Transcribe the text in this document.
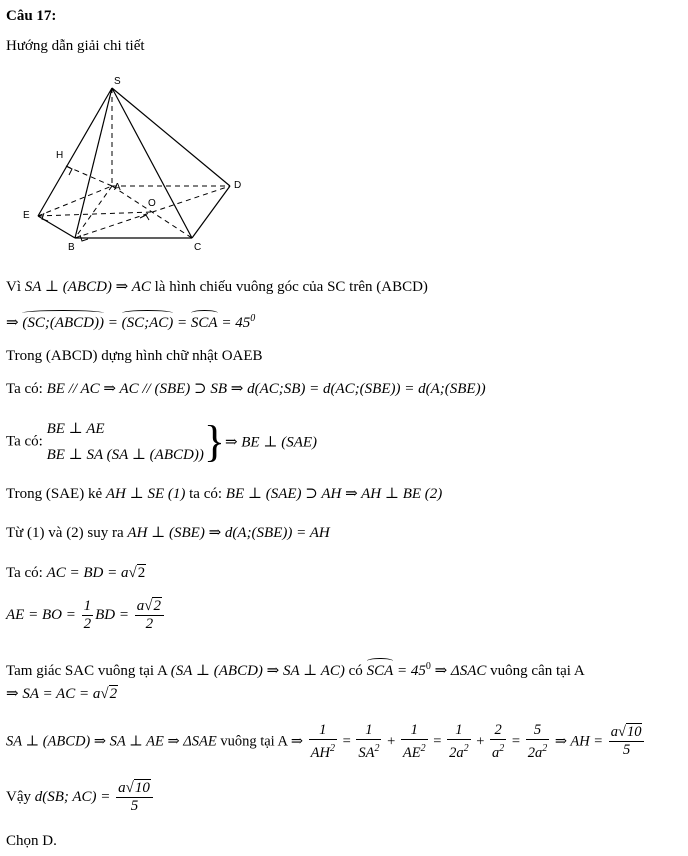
Câu 17:
Hướng dẫn giải chi tiết
S
H
A	D
O
E
B	C
Vì SA ⊥ (ABCD) ⇒ AC là hình chiếu vuông góc của SC trên (ABCD)
⇒ (SC;(ABCD)) = (SC;AC) = SCA = $45^0$
Trong (ABCD) dựng hình chữ nhật OAEB
Ta có: BE // AC ⇒ AC // (SBE) ⊃ SB ⇒ d(AC;SB) = d(AC;(SBE)) = d(A;(SBE))
Ta có:
BE ⊥ AE
BE ⊥ SA (SA ⊥ (ABCD)) }⇒ BE ⊥ (SAE)
Trong (SAE) kẻ AH ⊥ SE (1) ta có: BE ⊥ (SAE) ⊃ AH ⇒ AH ⊥ BE (2)
Từ (1) và (2) suy ra AH ⊥ (SBE) ⇒ d(A;(SBE)) = AH
Ta có: AC = BD = a√2
AE = BO = $\frac{1}{2}$ BD = $\frac{a√2}{2}$
Tam giác SAC vuông tại A (SA ⊥ (ABCD) ⇒ SA ⊥ AC) có SCA = $45^0$ ⇒ ΔSAC vuông cân tại A
⇒ SA = AC = a√2
SA ⊥ (ABCD) ⇒ SA ⊥ AE ⇒ ΔSAE vuông tại A ⇒ $\frac{1}{AH^2} = \frac{1}{SA^2} + \frac{1}{AE^2} = \frac{1}{2a^2} + \frac{2}{a^2} = \frac{5}{2a^2}$ ⇒ AH = $\frac{a√10}{5}$
Vậy d(SB; $AC) = \frac{a√10}{5}$
Chọn D.
